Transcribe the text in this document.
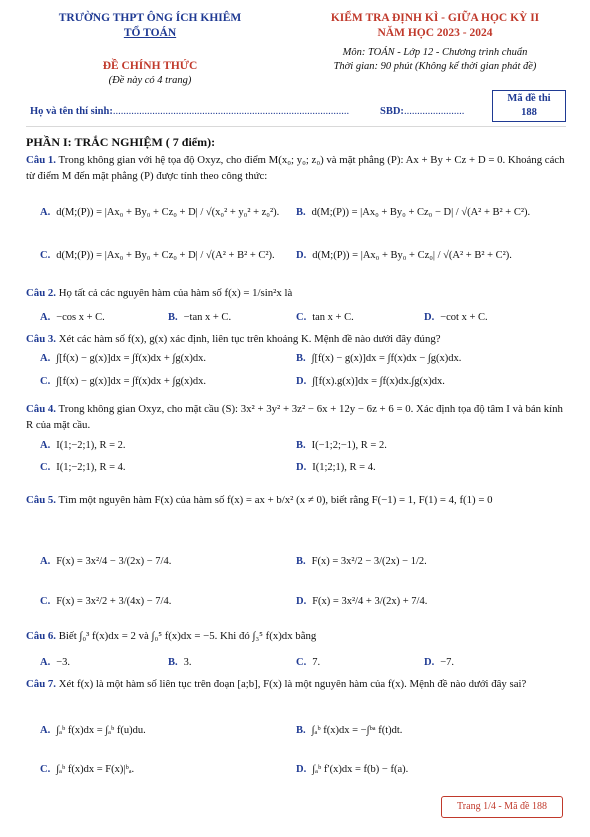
TRƯỜNG THPT ÔNG ÍCH KHIÊM
TỔ TOÁN
ĐỀ CHÍNH THỨC
(Đề này có 4 trang)
KIỂM TRA ĐỊNH KÌ - GIỮA HỌC KỲ II
NĂM HỌC 2023 - 2024
Môn: TOÁN - Lớp 12 - Chương trình chuẩn
Thời gian: 90 phút (Không kể thời gian phát đề)
Họ và tên thí sinh:..........................................................................................	SBD:.......................
Mã đề thi
188
PHẦN I: TRẮC NGHIỆM ( 7 điểm):
Câu 1. Trong không gian với hệ tọa độ Oxyz, cho điểm M(x₀; y₀; z₀) và mặt phẳng (P): Ax + By + Cz + D = 0. Khoảng cách từ điểm M đến mặt phẳng (P) được tính theo công thức:
A. d(M;(P)) = |Ax₀ + By₀ + Cz₀ + D| / √(x₀² + y₀² + z₀²). B. d(M;(P)) = |Ax₀ + By₀ + Cz₀ − D| / √(A² + B² + C²).
C. d(M;(P)) = |Ax₀ + By₀ + Cz₀ + D| / √(A² + B² + C²). D. d(M;(P)) = |Ax₀ + By₀ + Cz₀| / √(A² + B² + C²).
Câu 2. Họ tất cả các nguyên hàm của hàm số f(x) = 1/sin²x là
A. −cos x + C.	B. −tan x + C.	C. tan x + C.	D. −cot x + C.
Câu 3. Xét các hàm số f(x), g(x) xác định, liên tục trên khoảng K. Mệnh đề nào dưới đây đúng?
A. ∫[f(x) − g(x)]dx = ∫f(x)dx + ∫g(x)dx.	B. ∫[f(x) − g(x)]dx = ∫f(x)dx − ∫g(x)dx.
C. ∫[f(x) − g(x)]dx = ∫f(x)dx + ∫g(x)dx.	D. ∫[f(x).g(x)]dx = ∫f(x)dx.∫g(x)dx.
Câu 4. Trong không gian Oxyz, cho mặt cầu (S): 3x² + 3y² + 3z² − 6x + 12y − 6z + 6 = 0. Xác định tọa độ tâm I và bán kính R của mặt cầu.
A. I(1;−2;1), R = 2.	B. I(−1;2;−1), R = 2.
C. I(1;−2;1), R = 4.	D. I(1;2;1), R = 4.
Câu 5. Tìm một nguyên hàm F(x) của hàm số f(x) = ax + b/x² (x ≠ 0), biết rằng F(−1) = 1, F(1) = 4, f(1) = 0
A. F(x) = 3x²/4 − 3/(2x) − 7/4.	B. F(x) = 3x²/2 − 3/(2x) − 1/2.
C. F(x) = 3x²/2 + 3/(4x) − 7/4.	D. F(x) = 3x²/4 + 3/(2x) + 7/4.
Câu 6. Biết ∫₀³ f(x)dx = 2 và ∫₀⁵ f(x)dx = −5. Khi đó ∫₃⁵ f(x)dx bằng
A. −3.	B. 3.	C. 7.	D. −7.
Câu 7. Xét f(x) là một hàm số liên tục trên đoạn [a;b], F(x) là một nguyên hàm của f(x). Mệnh đề nào dưới đây sai?
A. ∫ₐᵇ f(x)dx = ∫ₐᵇ f(u)du.	B. ∫ₐᵇ f(x)dx = −∫ᵇᵃ f(t)dt.
C. ∫ₐᵇ f(x)dx = F(x)|ᵇₐ.	D. ∫ₐᵇ f′(x)dx = f(b) − f(a).
Trang 1/4 - Mã đề 188
